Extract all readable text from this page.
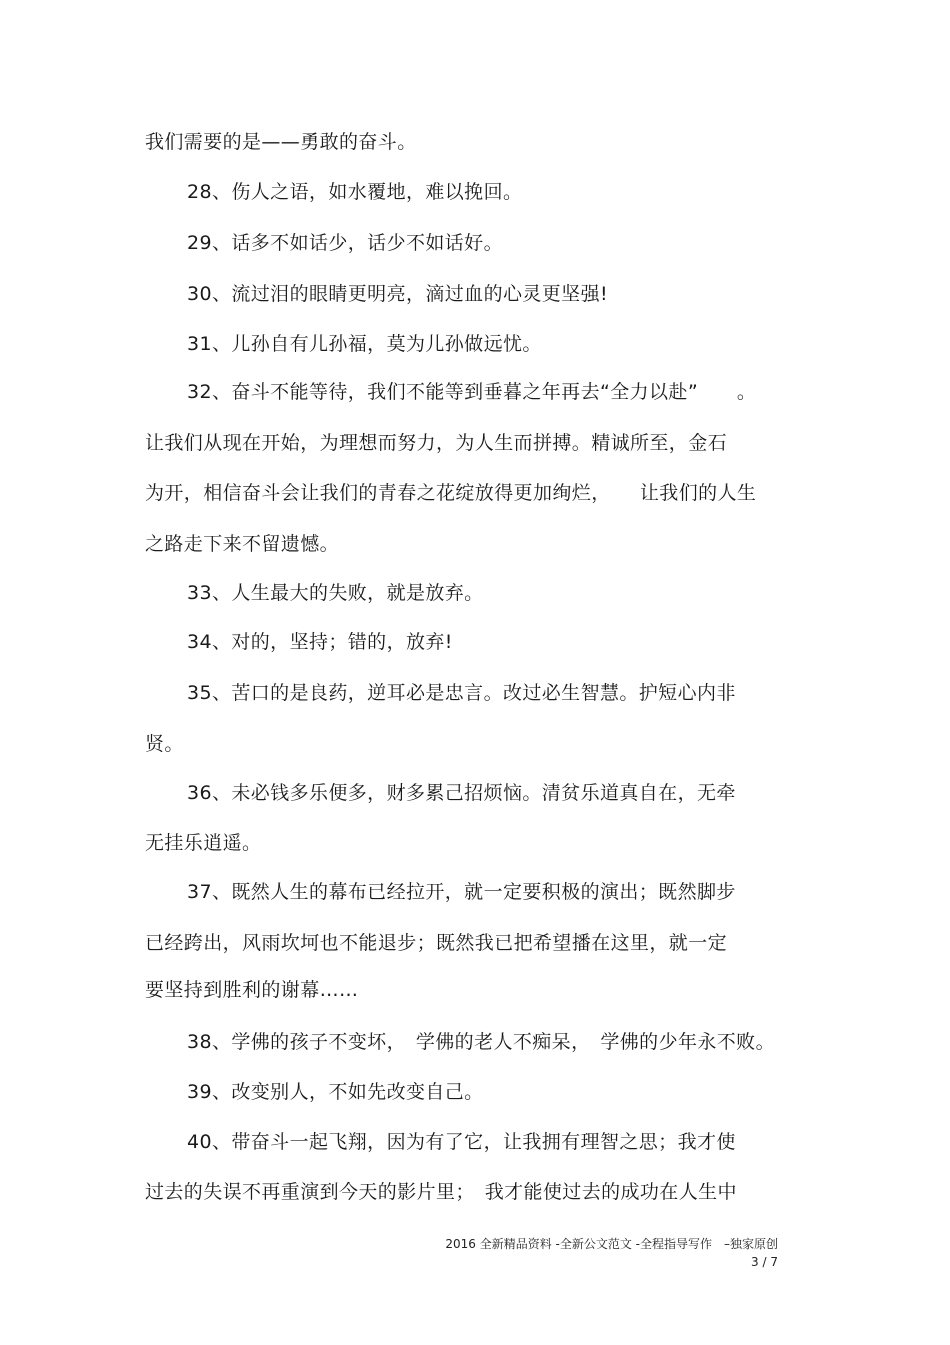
我们需要的是——勇敢的奋斗。
28、伤人之语，如水覆地，难以挽回。
29、话多不如话少，话少不如话好。
30、流过泪的眼睛更明亮，滴过血的心灵更坚强!
31、儿孙自有儿孙福，莫为儿孙做远忧。
32、奋斗不能等待，我们不能等到垂暮之年再去“全力以赴”　　。
让我们从现在开始，为理想而努力，为人生而拼搏。精诚所至，金石
为开，相信奋斗会让我们的青春之花绽放得更加绚烂，　　让我们的人生
之路走下来不留遗憾。
33、人生最大的失败，就是放弃。
34、对的，坚持；错的，放弃!
35、苦口的是良药，逆耳必是忠言。改过必生智慧。护短心内非
贤。
36、未必钱多乐便多，财多累己招烦恼。清贫乐道真自在，无牵
无挂乐逍遥。
37、既然人生的幕布已经拉开，就一定要积极的演出；既然脚步
已经跨出，风雨坎坷也不能退步；既然我已把希望播在这里，就一定
要坚持到胜利的谢幕……
38、学佛的孩子不变坏，　学佛的老人不痴呆，　学佛的少年永不败。
39、改变别人，不如先改变自己。
40、带奋斗一起飞翔，因为有了它，让我拥有理智之思；我才使
过去的失误不再重演到今天的影片里；　我才能使过去的成功在人生中
2016 全新精品资料 -全新公文范文 -全程指导写作　–独家原创
3 / 7
